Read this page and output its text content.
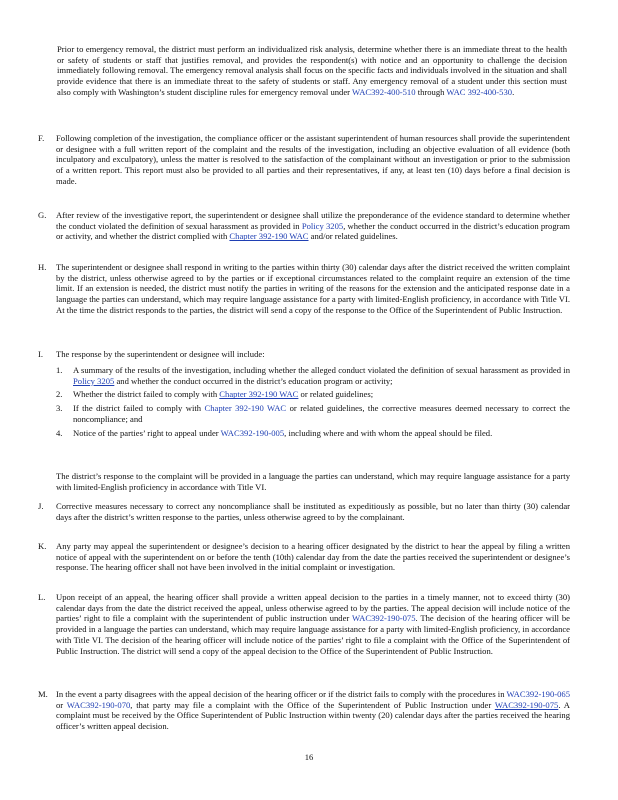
Prior to emergency removal, the district must perform an individualized risk analysis, determine whether there is an immediate threat to the health or safety of students or staff that justifies removal, and provides the respondent(s) with notice and an opportunity to challenge the decision immediately following removal. The emergency removal analysis shall focus on the specific facts and individuals involved in the situation and shall provide evidence that there is an immediate threat to the safety of students or staff. Any emergency removal of a student under this section must also comply with Washington’s student discipline rules for emergency removal under WAC392-400-510 through WAC 392-400-530.
F. Following completion of the investigation, the compliance officer or the assistant superintendent of human resources shall provide the superintendent or designee with a full written report of the complaint and the results of the investigation, including an objective evaluation of all evidence (both inculpatory and exculpatory), unless the matter is resolved to the satisfaction of the complainant without an investigation or prior to the submission of a written report. This report must also be provided to all parties and their representatives, if any, at least ten (10) days before a final decision is made.
G. After review of the investigative report, the superintendent or designee shall utilize the preponderance of the evidence standard to determine whether the conduct violated the definition of sexual harassment as provided in Policy 3205, whether the conduct occurred in the district’s education program or activity, and whether the district complied with Chapter 392-190 WAC and/or related guidelines.
H. The superintendent or designee shall respond in writing to the parties within thirty (30) calendar days after the district received the written complaint by the district, unless otherwise agreed to by the parties or if exceptional circumstances related to the complaint require an extension of the time limit. If an extension is needed, the district must notify the parties in writing of the reasons for the extension and the anticipated response date in a language the parties can understand, which may require language assistance for a party with limited-English proficiency, in accordance with Title VI. At the time the district responds to the parties, the district will send a copy of the response to the Office of the Superintendent of Public Instruction.
I. The response by the superintendent or designee will include:
1. A summary of the results of the investigation, including whether the alleged conduct violated the definition of sexual harassment as provided in Policy 3205 and whether the conduct occurred in the district’s education program or activity;
2. Whether the district failed to comply with Chapter 392-190 WAC or related guidelines;
3. If the district failed to comply with Chapter 392-190 WAC or related guidelines, the corrective measures deemed necessary to correct the noncompliance; and
4. Notice of the parties’ right to appeal under WAC392-190-005, including where and with whom the appeal should be filed.
The district’s response to the complaint will be provided in a language the parties can understand, which may require language assistance for a party with limited-English proficiency in accordance with Title VI.
J. Corrective measures necessary to correct any noncompliance shall be instituted as expeditiously as possible, but no later than thirty (30) calendar days after the district’s written response to the parties, unless otherwise agreed to by the complainant.
K. Any party may appeal the superintendent or designee’s decision to a hearing officer designated by the district to hear the appeal by filing a written notice of appeal with the superintendent on or before the tenth (10th) calendar day from the date the parties received the superintendent or designee’s response. The hearing officer shall not have been involved in the initial complaint or investigation.
L. Upon receipt of an appeal, the hearing officer shall provide a written appeal decision to the parties in a timely manner, not to exceed thirty (30) calendar days from the date the district received the appeal, unless otherwise agreed to by the parties. The appeal decision will include notice of the parties’ right to file a complaint with the superintendent of public instruction under WAC392-190-075. The decision of the hearing officer will be provided in a language the parties can understand, which may require language assistance for a party with limited-English proficiency, in accordance with Title VI. The decision of the hearing officer will include notice of the parties’ right to file a complaint with the Office of the Superintendent of Public Instruction. The district will send a copy of the appeal decision to the Office of the Superintendent of Public Instruction.
M. In the event a party disagrees with the appeal decision of the hearing officer or if the district fails to comply with the procedures in WAC392-190-065 or WAC392-190-070, that party may file a complaint with the Office of the Superintendent of Public Instruction under WAC392-190-075. A complaint must be received by the Office Superintendent of Public Instruction within twenty (20) calendar days after the parties received the hearing officer’s written appeal decision.
16
